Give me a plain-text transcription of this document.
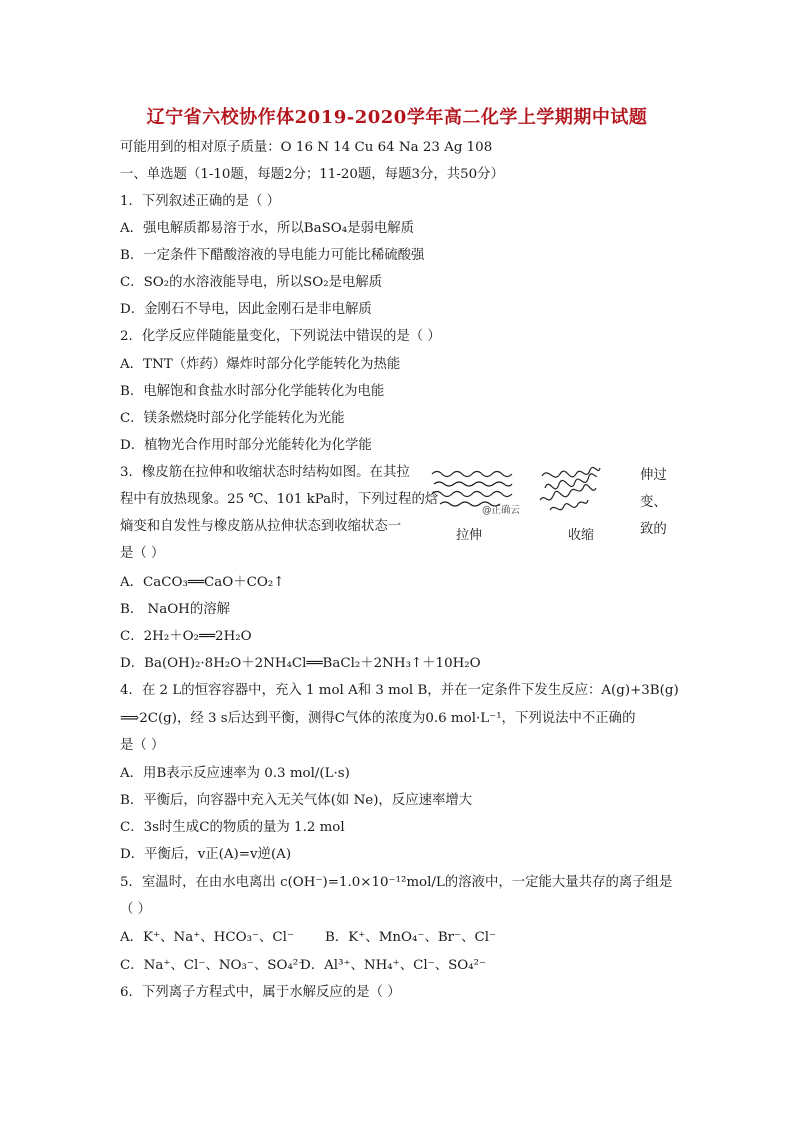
辽宁省六校协作体2019-2020学年高二化学上学期期中试题
可能用到的相对原子质量：O 16 N 14 Cu 64 Na 23 Ag 108
一、单选题（1-10题，每题2分；11-20题，每题3分，共50分）
1．下列叙述正确的是（ ）
A．强电解质都易溶于水，所以BaSO₄是弱电解质
B．一定条件下醋酸溶液的导电能力可能比稀硫酸强
C．SO₂的水溶液能导电，所以SO₂是电解质
D．金刚石不导电，因此金刚石是非电解质
2．化学反应伴随能量变化，下列说法中错误的是（ ）
A．TNT（炸药）爆炸时部分化学能转化为热能
B．电解饱和食盐水时部分化学能转化为电能
C．镁条燃烧时部分化学能转化为光能
D．植物光合作用时部分光能转化为化学能
3．橡皮筋在拉伸和收缩状态时结构如图。在其拉
程中有放热现象。25 ℃、101 kPa时，下列过程的焓
熵变和自发性与橡皮筋从拉伸状态到收缩状态一
是（ ）
伸过
变、
致的
@正确云
拉伸	收缩
A．CaCO₃══CaO＋CO₂↑
B． NaOH的溶解
C．2H₂＋O₂══2H₂O
D．Ba(OH)₂·8H₂O＋2NH₄Cl══BaCl₂＋2NH₃↑＋10H₂O
4．在 2 L的恒容容器中，充入 1 mol A和 3 mol B，并在一定条件下发生反应：A(g)+3B(g)
⟹2C(g)，经 3 s后达到平衡，测得C气体的浓度为0.6 mol·L⁻¹，下列说法中不正确的
是（ ）
A．用B表示反应速率为 0.3 mol/(L·s)
B．平衡后，向容器中充入无关气体(如 Ne)，反应速率增大
C．3s时生成C的物质的量为 1.2 mol
D．平衡后，v正(A)=v逆(A)
5．室温时，在由水电离出 c(OH⁻)=1.0×10⁻¹²mol/L的溶液中，一定能大量共存的离子组是
（ ）
A．K⁺、Na⁺、HCO₃⁻、Cl⁻ B．K⁺、MnO₄⁻、Br⁻、Cl⁻
C．Na⁺、Cl⁻、NO₃⁻、SO₄²⁻
D．Al³⁺、NH₄⁺、Cl⁻、SO₄²⁻
6．下列离子方程式中，属于水解反应的是（ ）
